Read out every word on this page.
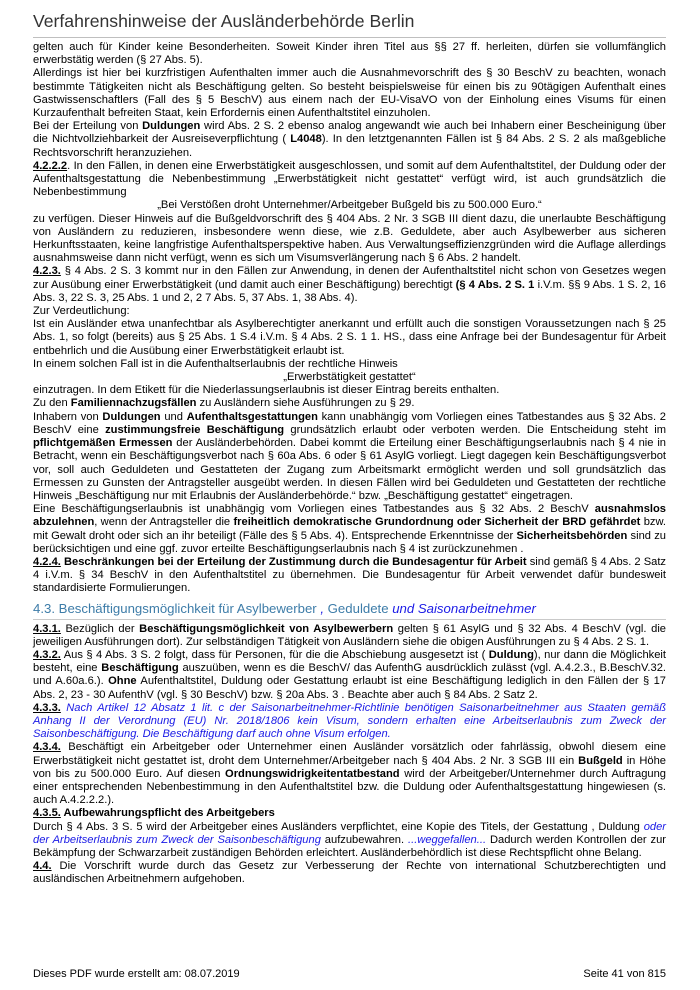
Verfahrenshinweise der Ausländerbehörde Berlin

gelten auch für Kinder keine Besonderheiten. Soweit Kinder ihren Titel aus §§ 27 ff. herleiten, dürfen sie vollumfänglich erwerbstätig werden (§ 27 Abs. 5).

Allerdings ist hier bei kurzfristigen Aufenthalten immer auch die Ausnahmevorschrift des § 30 BeschV zu beachten, wonach bestimmte Tätigkeiten nicht als Beschäftigung gelten. So besteht beispielsweise für einen bis zu 90tägigen Aufenthalt eines Gastwissenschaftlers (Fall des § 5 BeschV) aus einem nach der EU-VisaVO von der Einholung eines Visums für einen Kurzaufenthalt befreiten Staat, kein Erfordernis einen Aufenthaltstitel einzuholen.

Bei der Erteilung von Duldungen wird Abs. 2 S. 2 ebenso analog angewandt wie auch bei Inhabern einer Bescheinigung über die Nichtvollziehbarkeit der Ausreiseverpflichtung ( L4048). In den letztgenannten Fällen ist § 84 Abs. 2 S. 2 als maßgebliche Rechtsvorschrift heranzuziehen.

4.2.2.2. In den Fällen, in denen eine Erwerbstätigkeit ausgeschlossen, und somit auf dem Aufenthaltstitel, der Duldung oder der Aufenthaltsgestattung die Nebenbestimmung „Erwerbstätigkeit nicht gestattet“ verfügt wird, ist auch grundsätzlich die Nebenbestimmung

„Bei Verstößen droht Unternehmer/Arbeitgeber Bußgeld bis zu 500.000 Euro.“

zu verfügen. Dieser Hinweis auf die Bußgeldvorschrift des § 404 Abs. 2 Nr. 3 SGB III dient dazu, die unerlaubte Beschäftigung von Ausländern zu reduzieren, insbesondere wenn diese, wie z.B. Geduldete, aber auch Asylbewerber aus sicheren Herkunftsstaaten, keine langfristige Aufenthaltsperspektive haben. Aus Verwaltungseffizienzgründen wird die Auflage allerdings ausnahmsweise dann nicht verfügt, wenn es sich um Visumsverlängerung nach § 6 Abs. 2 handelt.

4.2.3. § 4 Abs. 2 S. 3 kommt nur in den Fällen zur Anwendung, in denen der Aufenthaltstitel nicht schon von Gesetzes wegen zur Ausübung einer Erwerbstätigkeit (und damit auch einer Beschäftigung) berechtigt (§ 4 Abs. 2 S. 1 i.V.m. §§ 9 Abs. 1 S. 2, 16 Abs. 3, 22 S. 3, 25 Abs. 1 und 2, 2 7 Abs. 5, 37 Abs. 1, 38 Abs. 4).

Zur Verdeutlichung:

Ist ein Ausländer etwa unanfechtbar als Asylberechtigter anerkannt und erfüllt auch die sonstigen Voraussetzungen nach § 25 Abs. 1, so folgt (bereits) aus § 25 Abs. 1 S.4 i.V.m. § 4 Abs. 2 S. 1 1. HS., dass eine Anfrage bei der Bundesagentur für Arbeit entbehrlich und die Ausübung einer Erwerbstätigkeit erlaubt ist.

In einem solchen Fall ist in die Aufenthaltserlaubnis der rechtliche Hinweis

„Erwerbstätigkeit gestattet“

einzutragen. In dem Etikett für die Niederlassungserlaubnis ist dieser Eintrag bereits enthalten.

Zu den Familiennachzugsfällen zu Ausländern siehe Ausführungen zu § 29.

Inhabern von Duldungen und Aufenthaltsgestattungen kann unabhängig vom Vorliegen eines Tatbestandes aus § 32 Abs. 2 BeschV eine zustimmungsfreie Beschäftigung grundsätzlich erlaubt oder verboten werden. Die Entscheidung steht im pflichtgemäßen Ermessen der Ausländerbehörden. Dabei kommt die Erteilung einer Beschäftigungserlaubnis nach § 4 nie in Betracht, wenn ein Beschäftigungsverbot nach § 60a Abs. 6 oder § 61 AsylG vorliegt. Liegt dagegen kein Beschäftigungsverbot vor, soll auch Geduldeten und Gestatteten der Zugang zum Arbeitsmarkt ermöglicht werden und soll grundsätzlich das Ermessen zu Gunsten der Antragsteller ausgeübt werden. In diesen Fällen wird bei Geduldeten und Gestatteten der rechtliche Hinweis „Beschäftigung nur mit Erlaubnis der Ausländerbehörde.“ bzw. „Beschäftigung gestattet“ eingetragen.

Eine Beschäftigungserlaubnis ist unabhängig vom Vorliegen eines Tatbestandes aus § 32 Abs. 2 BeschV ausnahmslos abzulehnen, wenn der Antragsteller die freiheitlich demokratische Grundordnung oder Sicherheit der BRD gefährdet bzw. mit Gewalt droht oder sich an ihr beteiligt (Fälle des § 5 Abs. 4). Entsprechende Erkenntnisse der Sicherheitsbehörden sind zu berücksichtigen und eine ggf. zuvor erteilte Beschäftigungserlaubnis nach § 4 ist zurückzunehmen .

4.2.4. Beschränkungen bei der Erteilung der Zustimmung durch die Bundesagentur für Arbeit sind gemäß § 4 Abs. 2 Satz 4 i.V.m. § 34 BeschV in den Aufenthaltstitel zu übernehmen. Die Bundesagentur für Arbeit verwendet dafür bundesweit standardisierte Formulierungen.

4.3. Beschäftigungsmöglichkeit für Asylbewerber , Geduldete und Saisonarbeitnehmer

4.3.1. Bezüglich der Beschäftigungsmöglichkeit von Asylbewerbern gelten § 61 AsylG und § 32 Abs. 4 BeschV (vgl. die jeweiligen Ausführungen dort). Zur selbständigen Tätigkeit von Ausländern siehe die obigen Ausführungen zu § 4 Abs. 2 S. 1.

4.3.2. Aus § 4 Abs. 3 S. 2 folgt, dass für Personen, für die die Abschiebung ausgesetzt ist ( Duldung), nur dann die Möglichkeit besteht, eine Beschäftigung auszuüben, wenn es die BeschV/ das AufenthG ausdrücklich zulässt (vgl. A.4.2.3., B.BeschV.32. und A.60a.6.). Ohne Aufenthaltstitel, Duldung oder Gestattung erlaubt ist eine Beschäftigung lediglich in den Fällen der § 17 Abs. 2, 23 - 30 AufenthV (vgl. § 30 BeschV) bzw. § 20a Abs. 3 . Beachte aber auch § 84 Abs. 2 Satz 2.

4.3.3. Nach Artikel 12 Absatz 1 lit. c der Saisonarbeitnehmer-Richtlinie benötigen Saisonarbeitnehmer aus Staaten gemäß Anhang II der Verordnung (EU) Nr. 2018/1806 kein Visum, sondern erhalten eine Arbeitserlaubnis zum Zweck der Saisonbeschäftigung. Die Beschäftigung darf auch ohne Visum erfolgen.

4.3.4. Beschäftigt ein Arbeitgeber oder Unternehmer einen Ausländer vorsätzlich oder fahrlässig, obwohl diesem eine Erwerbstätigkeit nicht gestattet ist, droht dem Unternehmer/Arbeitgeber nach § 404 Abs. 2 Nr. 3 SGB III ein Bußgeld in Höhe von bis zu 500.000 Euro. Auf diesen Ordnungswidrigkeitentatbestand wird der Arbeitgeber/Unternehmer durch Auftragung einer entsprechenden Nebenbestimmung in den Aufenthaltstitel bzw. die Duldung oder Aufenthaltsgestattung hingewiesen (s. auch A.4.2.2.2.).

4.3.5. Aufbewahrungspflicht des Arbeitgebers

Durch § 4 Abs. 3 S. 5 wird der Arbeitgeber eines Ausländers verpflichtet, eine Kopie des Titels, der Gestattung , Duldung oder der Arbeitserlaubnis zum Zweck der Saisonbeschäftigung aufzubewahren. ...weggefallen... Dadurch werden Kontrollen der zur Bekämpfung der Schwarzarbeit zuständigen Behörden erleichtert. Ausländerbehördlich ist diese Rechtspflicht ohne Belang.

4.4. Die Vorschrift wurde durch das Gesetz zur Verbesserung der Rechte von international Schutzberechtigten und ausländischen Arbeitnehmern aufgehoben.

Dieses PDF wurde erstellt am: 08.07.2019	Seite 41 von 815
